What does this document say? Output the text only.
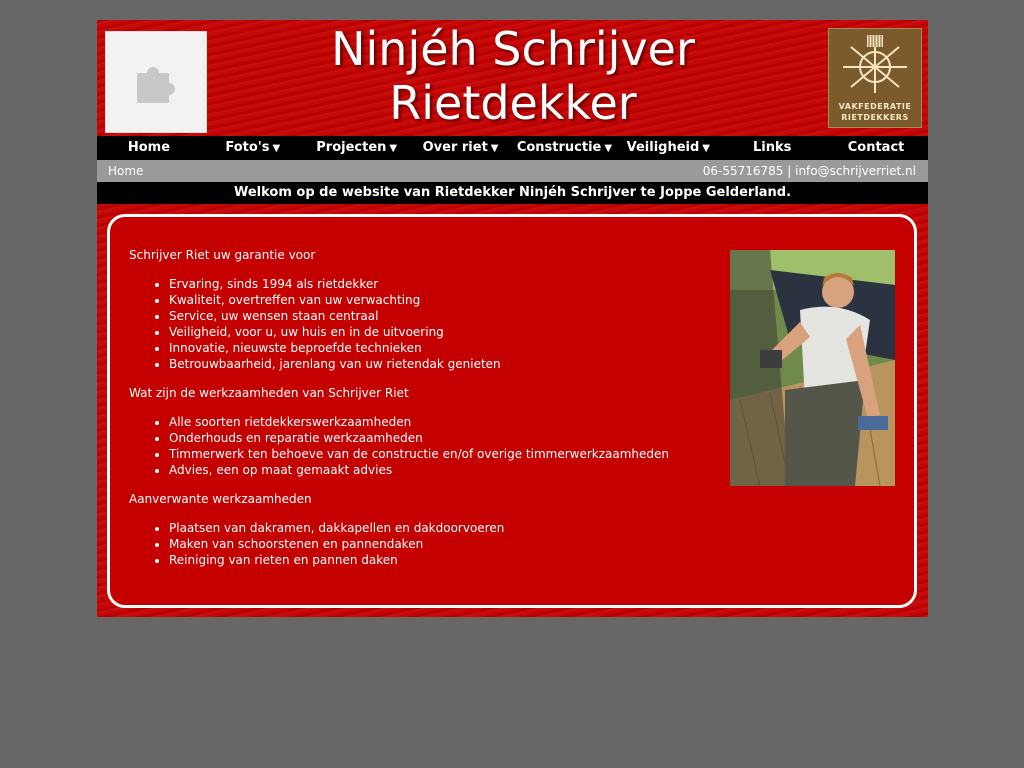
Ninjéh Schrijver
Rietdekker	VAKFEDERATIE
RIETDEKKERS
Home	Foto's ▼	Projecten ▼	Over riet ▼	Constructie ▼	Veiligheid ▼	Links	Contact
Home	06-55716785 | info@schrijverriet.nl
Welkom op de website van Rietdekker Ninjéh Schrijver te Joppe Gelderland.

Schrijver Riet uw garantie voor

• Ervaring, sinds 1994 als rietdekker
• Kwaliteit, overtreffen van uw verwachting
• Service, uw wensen staan centraal
• Veiligheid, voor u, uw huis en in de uitvoering
• Innovatie, nieuwste beproefde technieken
• Betrouwbaarheid, jarenlang van uw rietendak genieten

Wat zijn de werkzaamheden van Schrijver Riet

• Alle soorten rietdekkerswerkzaamheden
• Onderhouds en reparatie werkzaamheden
• Timmerwerk ten behoeve van de constructie en/of overige timmerwerkzaamheden
• Advies, een op maat gemaakt advies

Aanverwante werkzaamheden

• Plaatsen van dakramen, dakkapellen en dakdoorvoeren
• Maken van schoorstenen en pannendaken
• Reiniging van rieten en pannen daken
